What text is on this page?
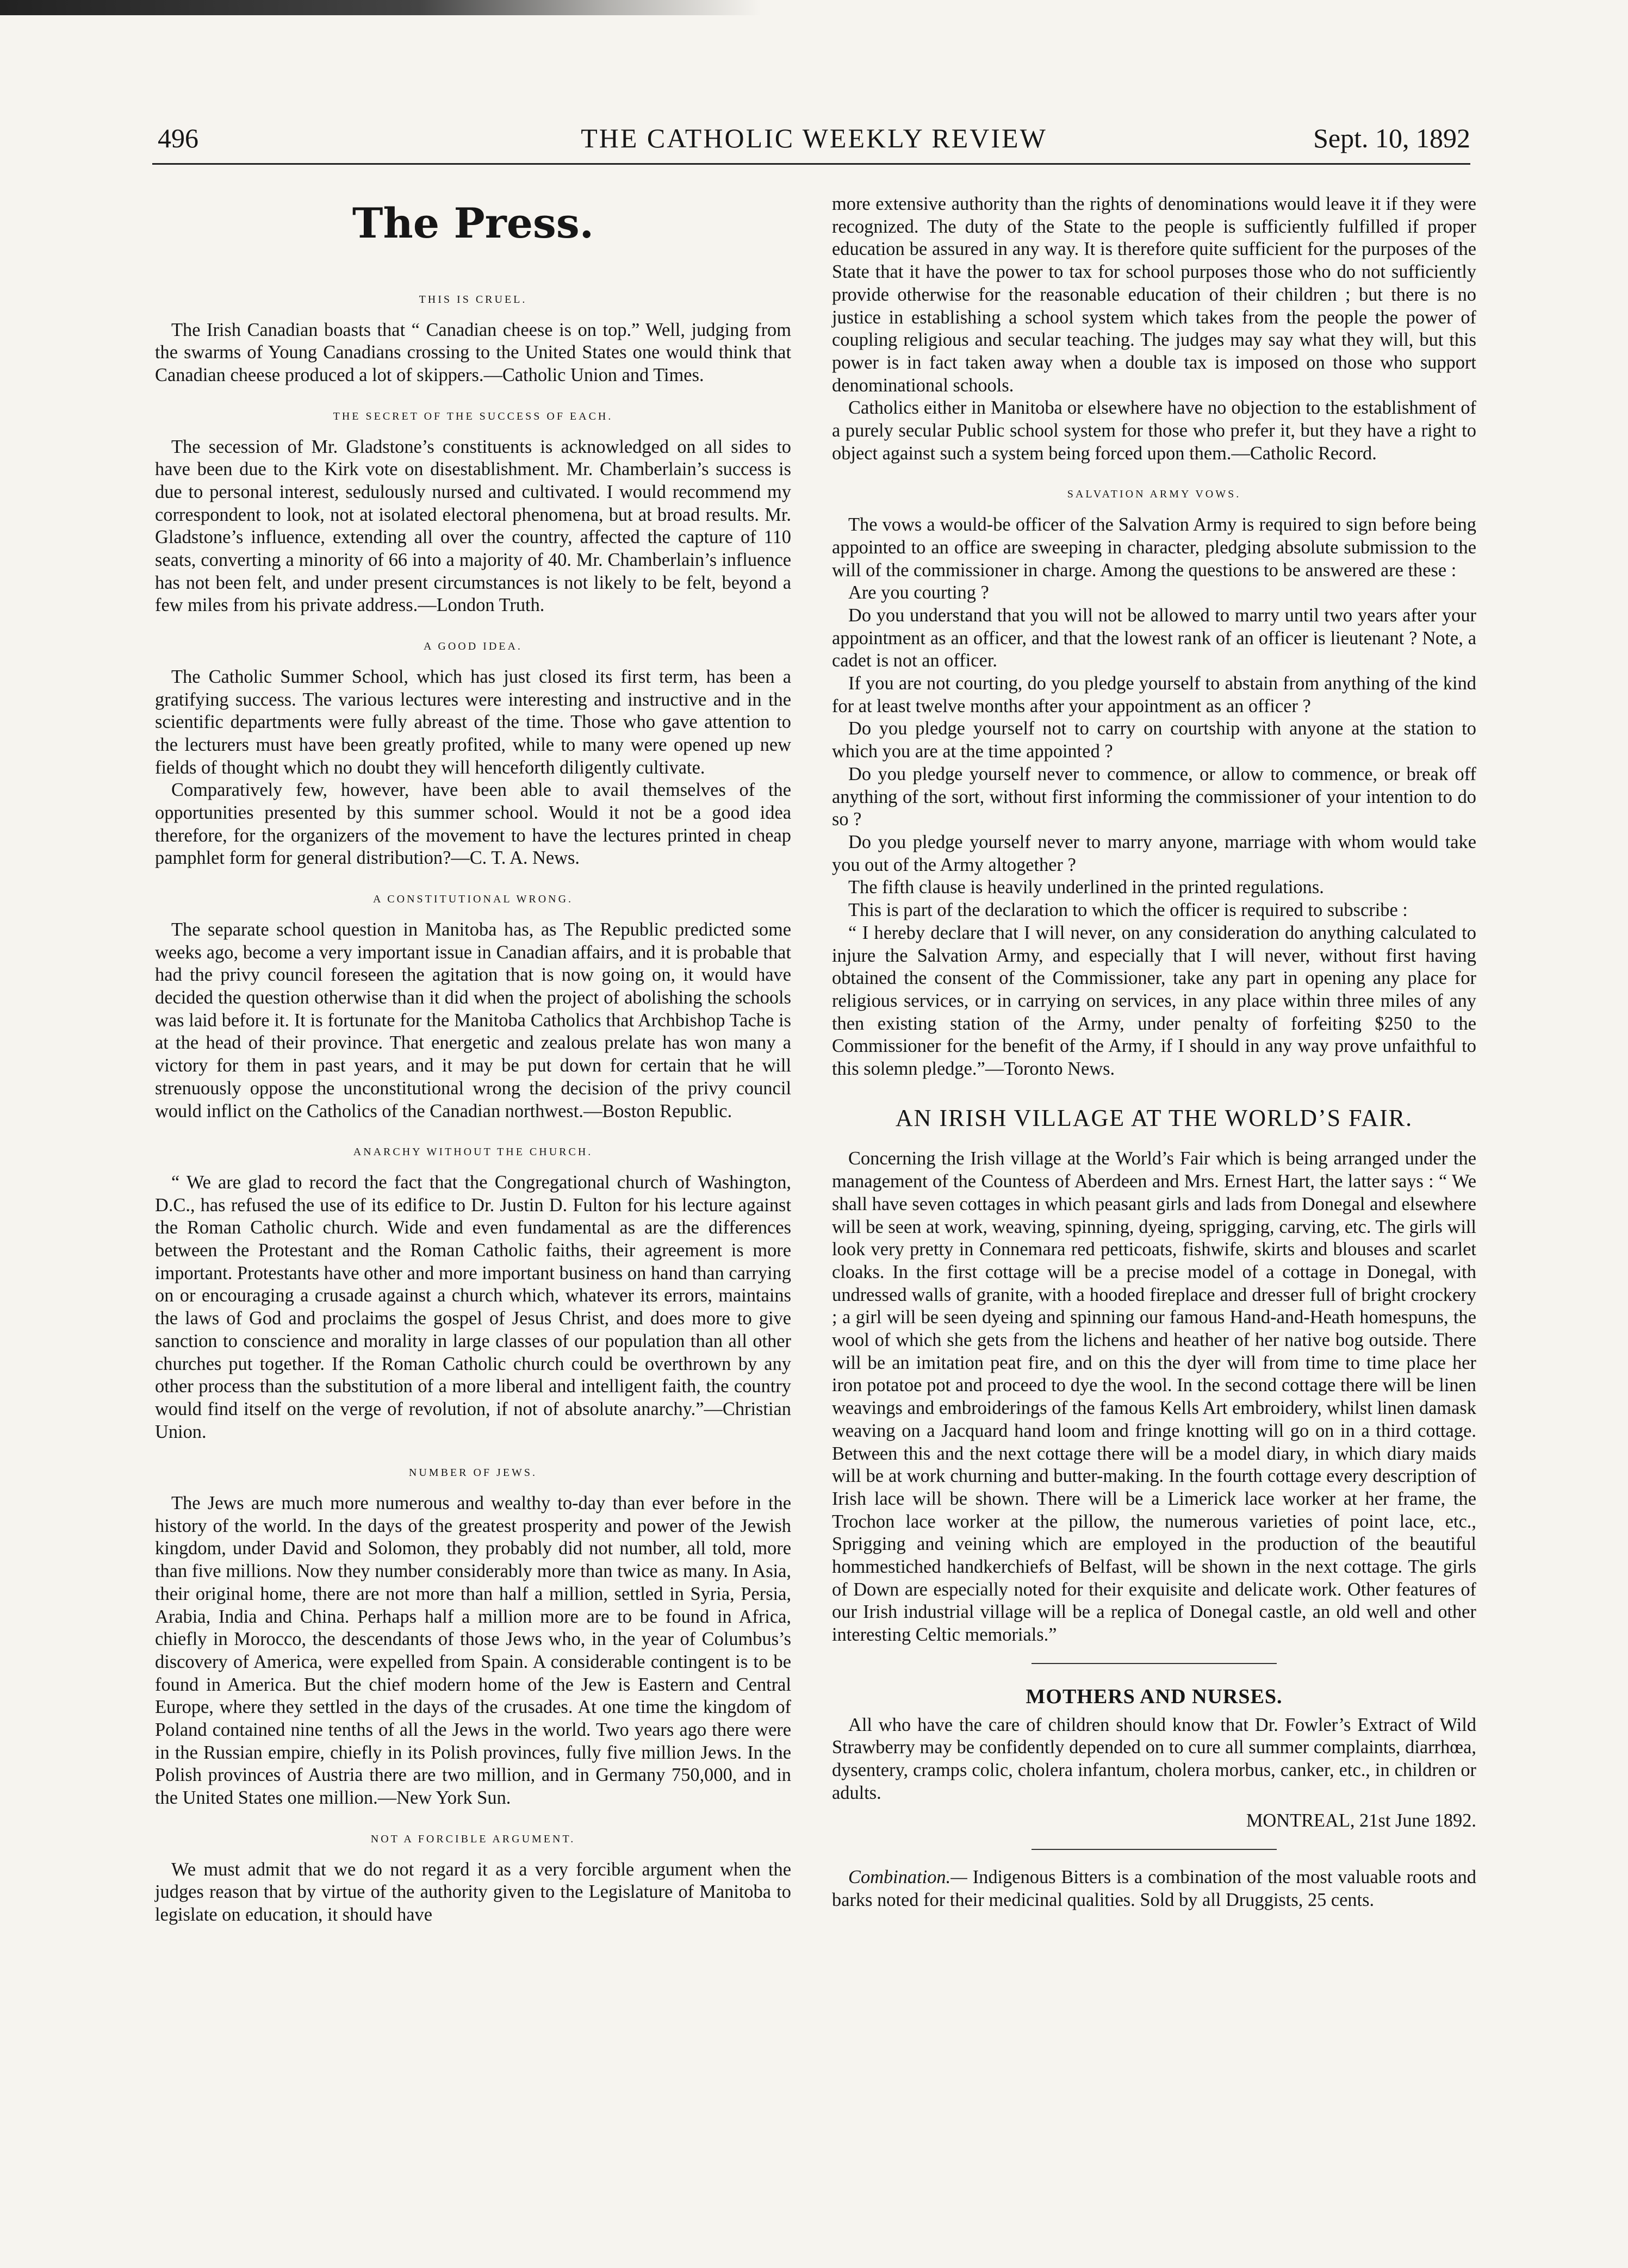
496	THE CATHOLIC WEEKLY REVIEW	Sept. 10, 1892
The Press.
THIS IS CRUEL.

The Irish Canadian boasts that “ Canadian cheese is on top.” Well, judging from the swarms of Young Canadians crossing to the United States one would think that Canadian cheese produced a lot of skippers.—Catholic Union and Times.

THE SECRET OF THE SUCCESS OF EACH.

The secession of Mr. Gladstone’s constituents is acknowledged on all sides to have been due to the Kirk vote on disestablishment. Mr. Chamberlain’s success is due to personal interest, sedulously nursed and cultivated. I would recommend my correspondent to look, not at isolated electoral phenomena, but at broad results. Mr. Gladstone’s influence, extending all over the country, affected the capture of 110 seats, converting a minority of 66 into a majority of 40. Mr. Chamberlain’s influence has not been felt, and under present circumstances is not likely to be felt, beyond a few miles from his private address.—London Truth.

A GOOD IDEA.

The Catholic Summer School, which has just closed its first term, has been a gratifying success. The various lectures were interesting and instructive and in the scientific departments were fully abreast of the time. Those who gave attention to the lecturers must have been greatly profited, while to many were opened up new fields of thought which no doubt they will henceforth diligently cultivate.

Comparatively few, however, have been able to avail themselves of the opportunities presented by this summer school. Would it not be a good idea therefore, for the organizers of the movement to have the lectures printed in cheap pamphlet form for general distribution?—C. T. A. News.

A CONSTITUTIONAL WRONG.

The separate school question in Manitoba has, as The Republic predicted some weeks ago, become a very important issue in Canadian affairs, and it is probable that had the privy council foreseen the agitation that is now going on, it would have decided the question otherwise than it did when the project of abolishing the schools was laid before it. It is fortunate for the Manitoba Catholics that Archbishop Tache is at the head of their province. That energetic and zealous prelate has won many a victory for them in past years, and it may be put down for certain that he will strenuously oppose the unconstitutional wrong the decision of the privy council would inflict on the Catholics of the Canadian northwest.—Boston Republic.

ANARCHY WITHOUT THE CHURCH.

“ We are glad to record the fact that the Congregational church of Washington, D.C., has refused the use of its edifice to Dr. Justin D. Fulton for his lecture against the Roman Catholic church. Wide and even fundamental as are the differences between the Protestant and the Roman Catholic faiths, their agreement is more important. Protestants have other and more important business on hand than carrying on or encouraging a crusade against a church which, whatever its errors, maintains the laws of God and proclaims the gospel of Jesus Christ, and does more to give sanction to conscience and morality in large classes of our population than all other churches put together. If the Roman Catholic church could be overthrown by any other process than the substitution of a more liberal and intelligent faith, the country would find itself on the verge of revolution, if not of absolute anarchy.”—Christian Union.

NUMBER OF JEWS.

The Jews are much more numerous and wealthy to-day than ever before in the history of the world. In the days of the greatest prosperity and power of the Jewish kingdom, under David and Solomon, they probably did not number, all told, more than five millions. Now they number considerably more than twice as many. In Asia, their original home, there are not more than half a million, settled in Syria, Persia, Arabia, India and China. Perhaps half a million more are to be found in Africa, chiefly in Morocco, the descendants of those Jews who, in the year of Columbus’s discovery of America, were expelled from Spain. A considerable contingent is to be found in America. But the chief modern home of the Jew is Eastern and Central Europe, where they settled in the days of the crusades. At one time the kingdom of Poland contained nine tenths of all the Jews in the world. Two years ago there were in the Russian empire, chiefly in its Polish provinces, fully five million Jews. In the Polish provinces of Austria there are two million, and in Germany 750,000, and in the United States one million.—New York Sun.

NOT A FORCIBLE ARGUMENT.

We must admit that we do not regard it as a very forcible argument when the judges reason that by virtue of the authority given to the Legislature of Manitoba to legislate on education, it should have

more extensive authority than the rights of denominations would leave it if they were recognized. The duty of the State to the people is sufficiently fulfilled if proper education be assured in any way. It is therefore quite sufficient for the purposes of the State that it have the power to tax for school purposes those who do not sufficiently provide otherwise for the reasonable education of their children ; but there is no justice in establishing a school system which takes from the people the power of coupling religious and secular teaching. The judges may say what they will, but this power is in fact taken away when a double tax is imposed on those who support denominational schools.

Catholics either in Manitoba or elsewhere have no objection to the establishment of a purely secular Public school system for those who prefer it, but they have a right to object against such a system being forced upon them.—Catholic Record.

SALVATION ARMY VOWS.

The vows a would-be officer of the Salvation Army is required to sign before being appointed to an office are sweeping in character, pledging absolute submission to the will of the commissioner in charge. Among the questions to be answered are these :

Are you courting ?

Do you understand that you will not be allowed to marry until two years after your appointment as an officer, and that the lowest rank of an officer is lieutenant ? Note, a cadet is not an officer.

If you are not courting, do you pledge yourself to abstain from anything of the kind for at least twelve months after your appointment as an officer ?

Do you pledge yourself not to carry on courtship with anyone at the station to which you are at the time appointed ?

Do you pledge yourself never to commence, or allow to commence, or break off anything of the sort, without first informing the commissioner of your intention to do so ?

Do you pledge yourself never to marry anyone, marriage with whom would take you out of the Army altogether ?

The fifth clause is heavily underlined in the printed regulations.

This is part of the declaration to which the officer is required to subscribe :

“ I hereby declare that I will never, on any consideration do anything calculated to injure the Salvation Army, and especially that I will never, without first having obtained the consent of the Commissioner, take any part in opening any place for religious services, or in carrying on services, in any place within three miles of any then existing station of the Army, under penalty of forfeiting $250 to the Commissioner for the benefit of the Army, if I should in any way prove unfaithful to this solemn pledge.”—Toronto News.

AN IRISH VILLAGE AT THE WORLD’S FAIR.

Concerning the Irish village at the World’s Fair which is being arranged under the management of the Countess of Aberdeen and Mrs. Ernest Hart, the latter says : “ We shall have seven cottages in which peasant girls and lads from Donegal and elsewhere will be seen at work, weaving, spinning, dyeing, sprigging, carving, etc. The girls will look very pretty in Connemara red petticoats, fishwife, skirts and blouses and scarlet cloaks. In the first cottage will be a precise model of a cottage in Donegal, with undressed walls of granite, with a hooded fireplace and dresser full of bright crockery ; a girl will be seen dyeing and spinning our famous Hand-and-Heath homespuns, the wool of which she gets from the lichens and heather of her native bog outside. There will be an imitation peat fire, and on this the dyer will from time to time place her iron potatoe pot and proceed to dye the wool. In the second cottage there will be linen weavings and embroiderings of the famous Kells Art embroidery, whilst linen damask weaving on a Jacquard hand loom and fringe knotting will go on in a third cottage. Between this and the next cottage there will be a model diary, in which diary maids will be at work churning and butter-making. In the fourth cottage every description of Irish lace will be shown. There will be a Limerick lace worker at her frame, the Trochon lace worker at the pillow, the numerous varieties of point lace, etc., Sprigging and veining which are employed in the production of the beautiful hommestiched handkerchiefs of Belfast, will be shown in the next cottage. The girls of Down are especially noted for their exquisite and delicate work. Other features of our Irish industrial village will be a replica of Donegal castle, an old well and other interesting Celtic memorials.”

MOTHERS AND NURSES.

All who have the care of children should know that Dr. Fowler’s Extract of Wild Strawberry may be confidently depended on to cure all summer complaints, diarrhœa, dysentery, cramps colic, cholera infantum, cholera morbus, canker, etc., in children or adults.

MONTREAL, 21st June 1892.

Combination.— Indigenous Bitters is a combination of the most valuable roots and barks noted for their medicinal qualities. Sold by all Druggists, 25 cents.
